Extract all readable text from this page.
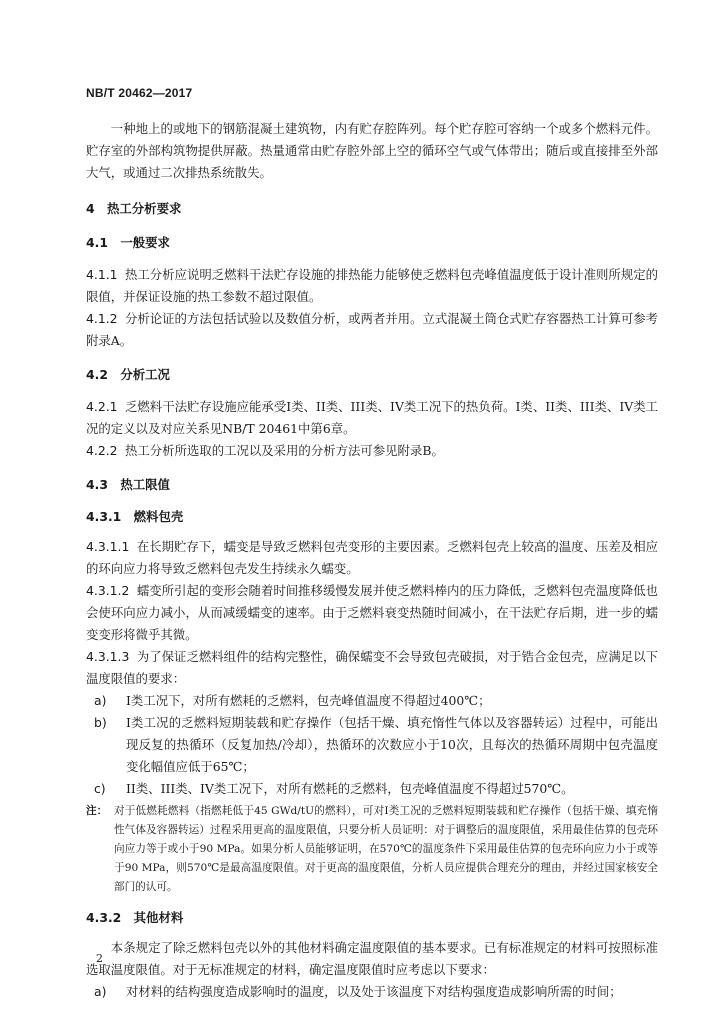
NB/T 20462—2017

一种地上的或地下的钢筋混凝土建筑物，内有贮存腔阵列。每个贮存腔可容纳一个或多个燃料元件。贮存室的外部构筑物提供屏蔽。热量通常由贮存腔外部上空的循环空气或气体带出；随后或直接排至外部大气，或通过二次排热系统散失。

4 热工分析要求
4.1 一般要求

4.1.1 热工分析应说明乏燃料干法贮存设施的排热能力能够使乏燃料包壳峰值温度低于设计准则所规定的限值，并保证设施的热工参数不超过限值。

4.1.2 分析论证的方法包括试验以及数值分析，或两者并用。立式混凝土筒仓式贮存容器热工计算可参考附录A。

4.2 分析工况

4.2.1 乏燃料干法贮存设施应能承受I类、II类、III类、IV类工况下的热负荷。I类、II类、III类、IV类工况的定义以及对应关系见NB/T 20461中第6章。

4.2.2 热工分析所选取的工况以及采用的分析方法可参见附录B。

4.3 热工限值
4.3.1 燃料包壳

4.3.1.1 在长期贮存下，蠕变是导致乏燃料包壳变形的主要因素。乏燃料包壳上较高的温度、压差及相应的环向应力将导致乏燃料包壳发生持续永久蠕变。

4.3.1.2 蠕变所引起的变形会随着时间推移缓慢发展并使乏燃料棒内的压力降低，乏燃料包壳温度降低也会使环向应力减小，从而减缓蠕变的速率。由于乏燃料衰变热随时间减小，在干法贮存后期，进一步的蠕变变形将微乎其微。

4.3.1.3 为了保证乏燃料组件的结构完整性，确保蠕变不会导致包壳破损，对于锆合金包壳，应满足以下温度限值的要求：

a)	I类工况下，对所有燃耗的乏燃料，包壳峰值温度不得超过400℃；
b)	I类工况的乏燃料短期装载和贮存操作（包括干燥、填充惰性气体以及容器转运）过程中，可能出现反复的热循环（反复加热/冷却），热循环的次数应小于10次，且每次的热循环周期中包壳温度变化幅值应低于65℃；
c)	II类、III类、IV类工况下，对所有燃耗的乏燃料，包壳峰值温度不得超过570℃。
注： 对于低燃耗燃料（指燃耗低于45 GWd/tU的燃料），可对I类工况的乏燃料短期装载和贮存操作（包括干燥、填充惰性气体及容器转运）过程采用更高的温度限值，只要分析人员证明：对于调整后的温度限值，采用最佳估算的包壳环向应力等于或小于90 MPa。如果分析人员能够证明，在570℃的温度条件下采用最佳估算的包壳环向应力小于或等于90 MPa，则570℃是最高温度限值。对于更高的温度限值，分析人员应提供合理充分的理由，并经过国家核安全部门的认可。
4.3.2 其他材料

本条规定了除乏燃料包壳以外的其他材料确定温度限值的基本要求。已有标准规定的材料可按照标准选取温度限值。对于无标准规定的材料，确定温度限值时应考虑以下要求：

a)	对材料的结构强度造成影响时的温度，以及处于该温度下对结构强度造成影响所需的时间；
2
